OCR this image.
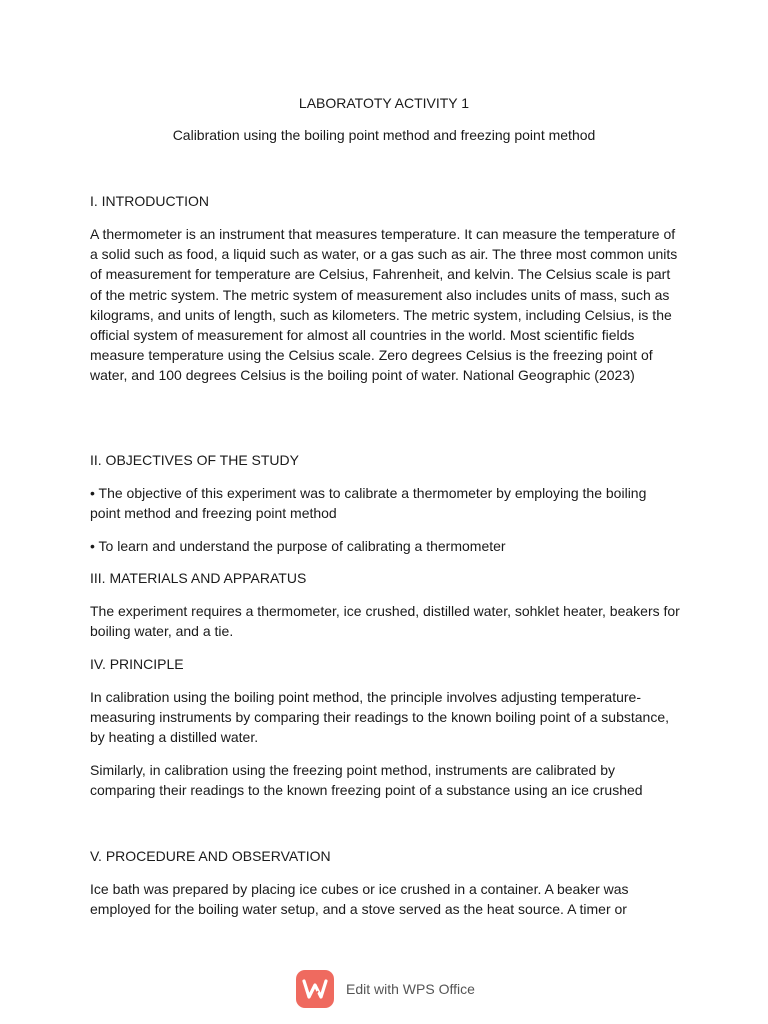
LABORATOTY ACTIVITY 1
Calibration using the boiling point method and freezing point method
I. INTRODUCTION
A thermometer is an instrument that measures temperature. It can measure the temperature of a solid such as food, a liquid such as water, or a gas such as air. The three most common units of measurement for temperature are Celsius, Fahrenheit, and kelvin. The Celsius scale is part of the metric system. The metric system of measurement also includes units of mass, such as kilograms, and units of length, such as kilometers. The metric system, including Celsius, is the official system of measurement for almost all countries in the world. Most scientific fields measure temperature using the Celsius scale. Zero degrees Celsius is the freezing point of water, and 100 degrees Celsius is the boiling point of water. National Geographic (2023)
II. OBJECTIVES OF THE STUDY
• The objective of this experiment was to calibrate a thermometer by employing the boiling point method and freezing point method
• To learn and understand the purpose of calibrating a thermometer
III. MATERIALS AND APPARATUS
The experiment requires a thermometer, ice crushed, distilled water, sohklet heater, beakers for boiling water, and a tie.
IV. PRINCIPLE
In calibration using the boiling point method, the principle involves adjusting temperature-measuring instruments by comparing their readings to the known boiling point of a substance, by heating a distilled water.
Similarly, in calibration using the freezing point method, instruments are calibrated by comparing their readings to the known freezing point of a substance using an ice crushed
V. PROCEDURE AND OBSERVATION
Ice bath was prepared by placing ice cubes or ice crushed in a container. A beaker was employed for the boiling water setup, and a stove served as the heat source. A timer or
Edit with WPS Office
